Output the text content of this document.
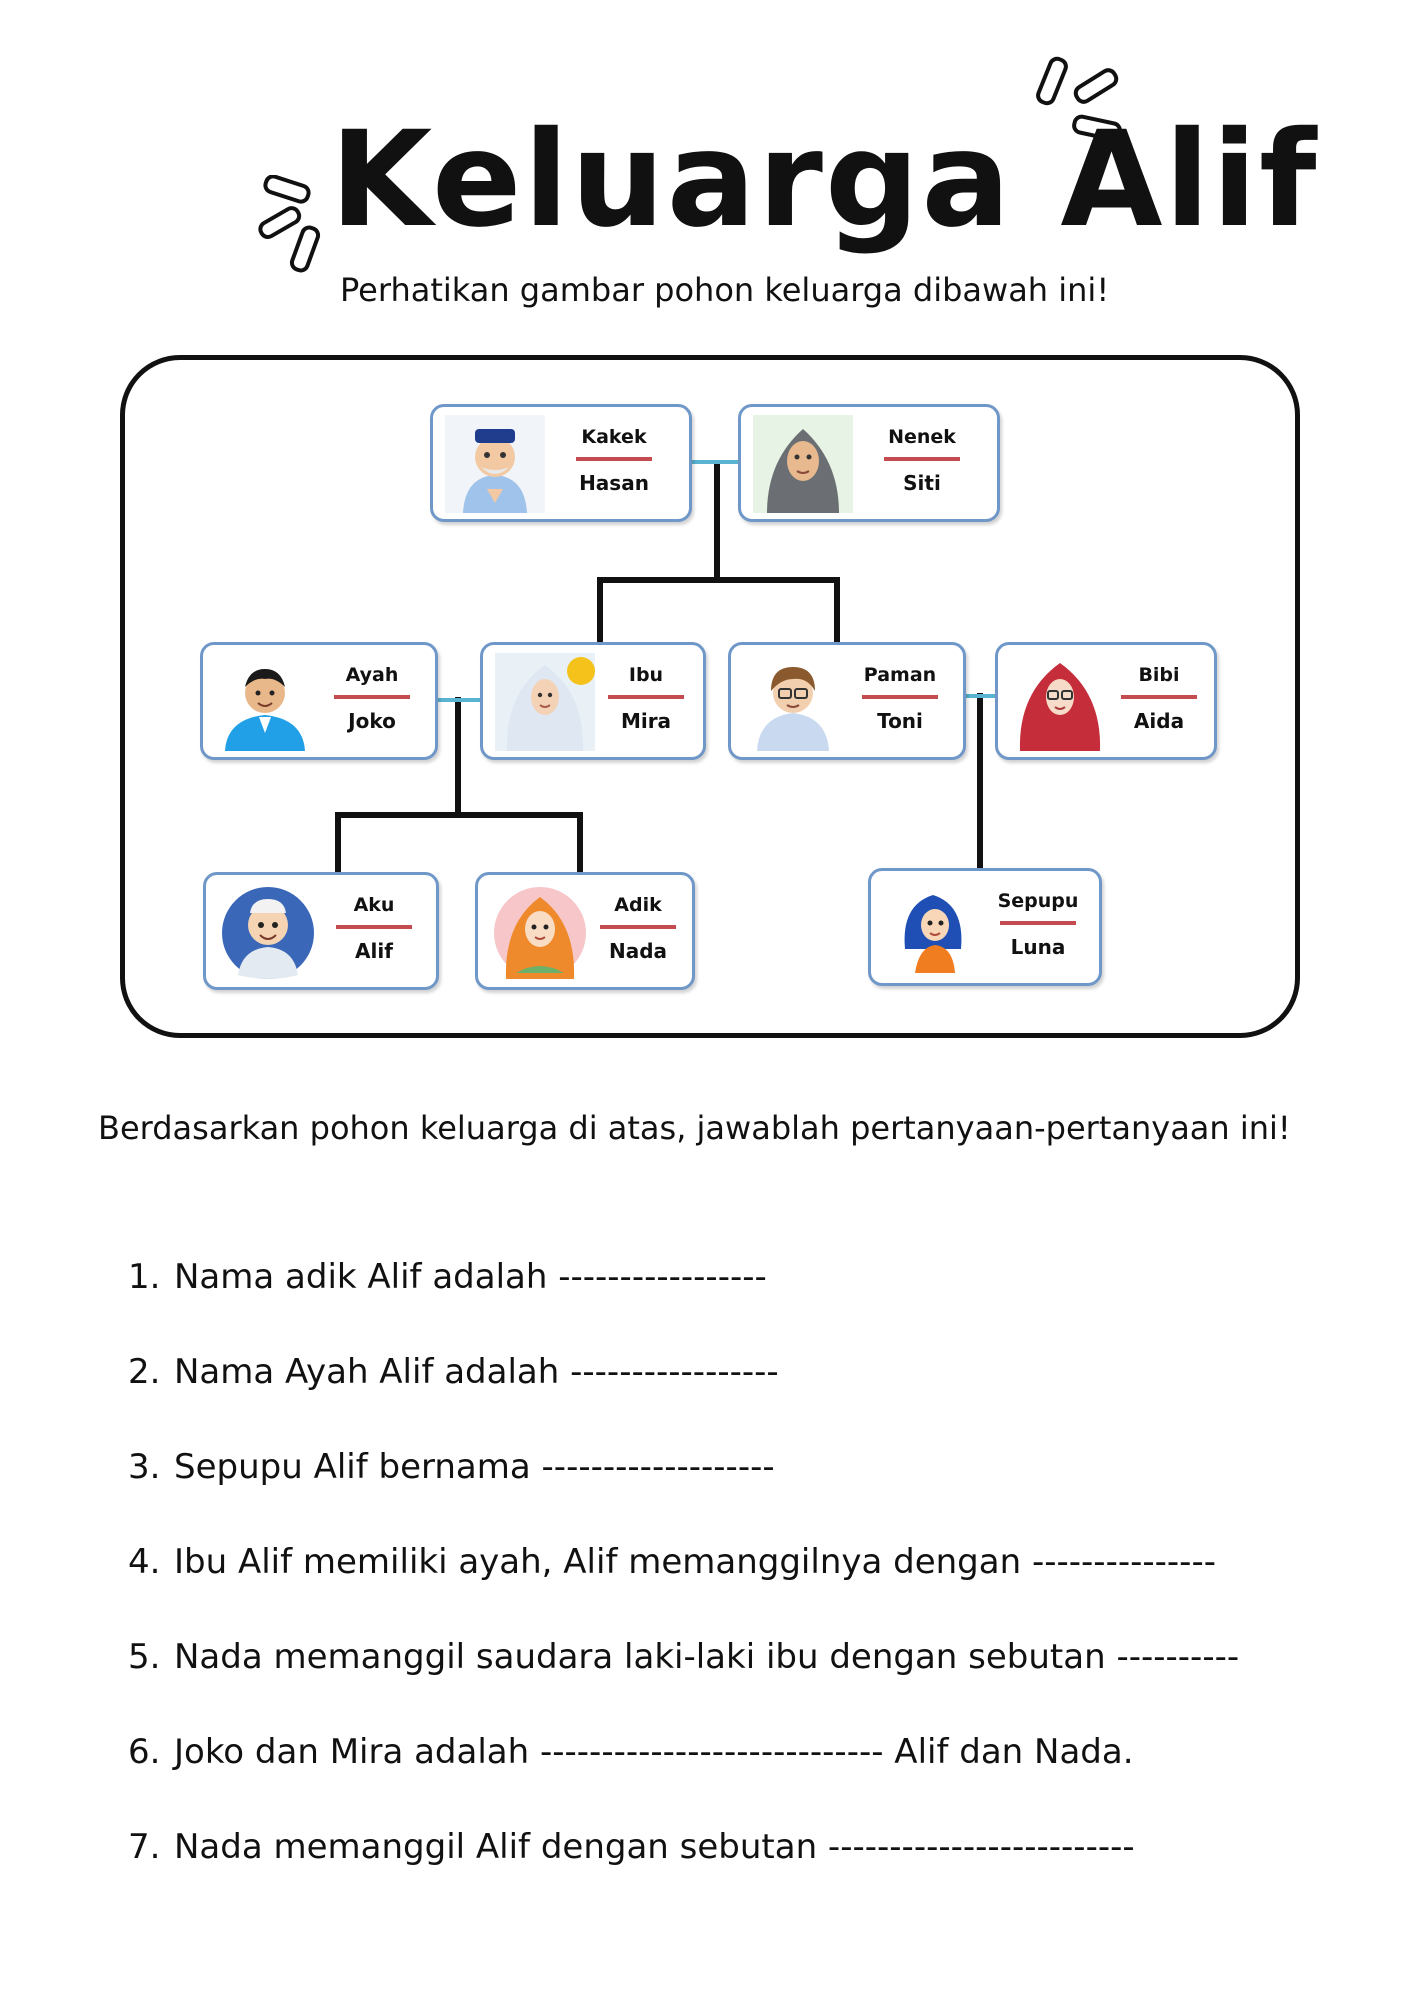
Keluarga Alif
Perhatikan gambar pohon keluarga dibawah ini!
Kakek
Hasan
Nenek
Siti
Ayah
Joko
Ibu
Mira
Paman
Toni
Bibi
Aida
Aku
Alif
Adik
Nada
Sepupu
Luna
Berdasarkan pohon keluarga di atas, jawablah pertanyaan-pertanyaan ini!
1. Nama adik Alif adalah -----------------
2. Nama Ayah Alif adalah -----------------
3. Sepupu Alif bernama -------------------
4. Ibu Alif memiliki ayah, Alif memanggilnya dengan ---------------
5. Nada memanggil saudara laki-laki ibu dengan sebutan ----------
6. Joko dan Mira adalah ---------------------------- Alif dan Nada.
7. Nada memanggil Alif dengan sebutan -------------------------
